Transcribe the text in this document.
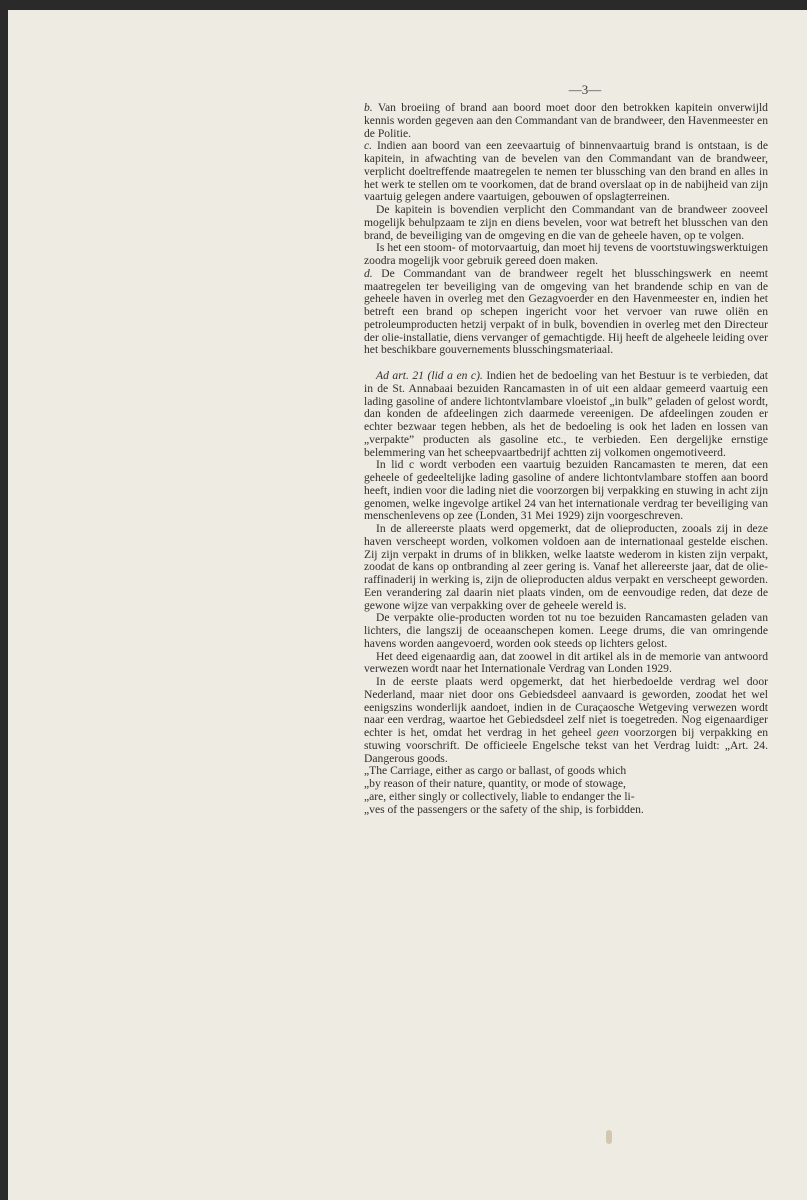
—3—

b. Van broeiing of brand aan boord moet door den betrokken kapitein onverwijld kennis worden gegeven aan den Commandant van de brandweer, den Havenmeester en de Politie.

c. Indien aan boord van een zeevaartuig of binnenvaartuig brand is ontstaan, is de kapitein, in afwachting van de bevelen van den Commandant van de brandweer, verplicht doeltreffende maatregelen te nemen ter blussching van den brand en alles in het werk te stellen om te voorkomen, dat de brand overslaat op in de nabijheid van zijn vaartuig gelegen andere vaartuigen, gebouwen of opslagterreinen.

De kapitein is bovendien verplicht den Commandant van de brandweer zooveel mogelijk behulpzaam te zijn en diens bevelen, voor wat betreft het blusschen van den brand, de beveiliging van de omgeving en die van de geheele haven, op te volgen.

Is het een stoom- of motorvaartuig, dan moet hij tevens de voortstuwingswerktuigen zoodra mogelijk voor gebruik gereed doen maken.

d. De Commandant van de brandweer regelt het blusschingswerk en neemt maatregelen ter beveiliging van de omgeving van het brandende schip en van de geheele haven in overleg met den Gezagvoerder en den Havenmeester en, indien het betreft een brand op schepen ingericht voor het vervoer van ruwe oliën en petroleumproducten hetzij verpakt of in bulk, bovendien in overleg met den Directeur der olie-installatie, diens vervanger of gemachtigde. Hij heeft de algeheele leiding over het beschikbare gouvernements blusschingsmateriaal.

Ad art. 21 (lid a en c). Indien het de bedoeling van het Bestuur is te verbieden, dat in de St. Annabaai bezuiden Rancamasten in of uit een aldaar gemeerd vaartuig een lading gasoline of andere lichtontvlambare vloeistof „in bulk” geladen of gelost wordt, dan konden de afdeelingen zich daarmede vereenigen. De afdeelingen zouden er echter bezwaar tegen hebben, als het de bedoeling is ook het laden en lossen van „verpakte” producten als gasoline etc., te verbieden. Een dergelijke ernstige belemmering van het scheepvaartbedrijf achtten zij volkomen ongemotiveerd.

In lid c wordt verboden een vaartuig bezuiden Rancamasten te meren, dat een geheele of gedeeltelijke lading gasoline of andere lichtontvlambare stoffen aan boord heeft, indien voor die lading niet die voorzorgen bij verpakking en stuwing in acht zijn genomen, welke ingevolge artikel 24 van het internationale verdrag ter beveiliging van menschenlevens op zee (Londen, 31 Mei 1929) zijn voorgeschreven.

In de allereerste plaats werd opgemerkt, dat de olieproducten, zooals zij in deze haven verscheept worden, volkomen voldoen aan de internationaal gestelde eischen. Zij zijn verpakt in drums of in blikken, welke laatste wederom in kisten zijn verpakt, zoodat de kans op ontbranding al zeer gering is. Vanaf het allereerste jaar, dat de olie-raffinaderij in werking is, zijn de olieproducten aldus verpakt en verscheept geworden. Een verandering zal daarin niet plaats vinden, om de eenvoudige reden, dat deze de gewone wijze van verpakking over de geheele wereld is.

De verpakte olie-producten worden tot nu toe bezuiden Rancamasten geladen van lichters, die langszij de oceaanschepen komen. Leege drums, die van omringende havens worden aangevoerd, worden ook steeds op lichters gelost.

Het deed eigenaardig aan, dat zoowel in dit artikel als in de memorie van antwoord verwezen wordt naar het Internationale Verdrag van Londen 1929.

In de eerste plaats werd opgemerkt, dat het hierbedoelde verdrag wel door Nederland, maar niet door ons Gebiedsdeel aanvaard is geworden, zoodat het wel eenigszins wonderlijk aandoet, indien in de Curaçaosche Wetgeving verwezen wordt naar een verdrag, waartoe het Gebiedsdeel zelf niet is toegetreden. Nog eigenaardiger echter is het, omdat het verdrag in het geheel geen voorzorgen bij verpakking en stuwing voorschrift. De officieele Engelsche tekst van het Verdrag luidt: „Art. 24. Dangerous goods.

„The Carriage, either as cargo or ballast, of goods which

„by reason of their nature, quantity, or mode of stowage,

„are, either singly or collectively, liable to endanger the li-

„ves of the passengers or the safety of the ship, is forbidden.
